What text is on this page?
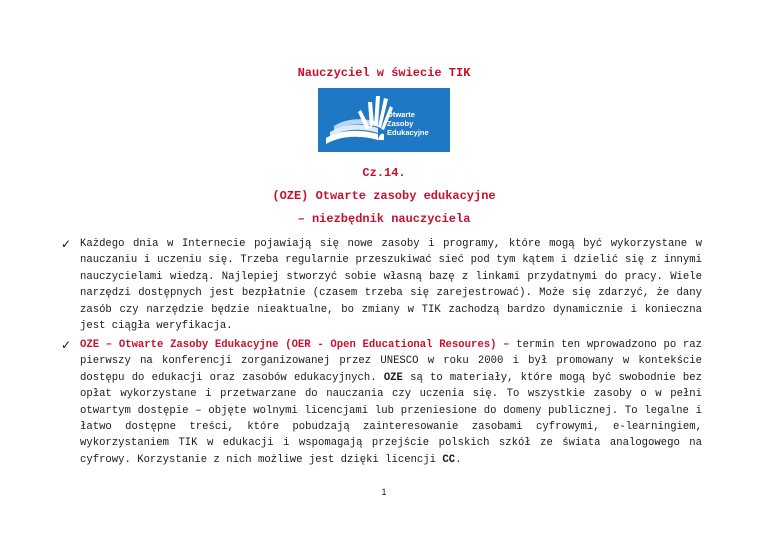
Nauczyciel w świecie TIK
Otwarte
Zasoby
Edukacyjne
Cz.14.
(OZE) Otwarte zasoby edukacyjne
– niezbędnik nauczyciela
✓ Każdego dnia w Internecie pojawiają się nowe zasoby i programy, które mogą być wykorzystane w nauczaniu i uczeniu się. Trzeba regularnie przeszukiwać sieć pod tym kątem i dzielić się z innymi nauczycielami wiedzą. Najlepiej stworzyć sobie własną bazę z linkami przydatnymi do pracy. Wiele narzędzi dostępnych jest bezpłatnie (czasem trzeba się zarejestrować). Może się zdarzyć, że dany zasób czy narzędzie będzie nieaktualne, bo zmiany w TIK zachodzą bardzo dynamicznie i konieczna jest ciągła weryfikacja.
✓ OZE – Otwarte Zasoby Edukacyjne (OER - Open Educational Resoures) – termin ten wprowadzono po raz pierwszy na konferencji zorganizowanej przez UNESCO w roku 2000 i był promowany w kontekście dostępu do edukacji oraz zasobów edukacyjnych. OZE są to materiały, które mogą być swobodnie bez opłat wykorzystane i przetwarzane do nauczania czy uczenia się. To wszystkie zasoby o w pełni otwartym dostępie – objęte wolnymi licencjami lub przeniesione do domeny publicznej. To legalne i łatwo dostępne treści, które pobudzają zainteresowanie zasobami cyfrowymi, e-learningiem, wykorzystaniem TIK w edukacji i wspomagają przejście polskich szkół ze świata analogowego na cyfrowy. Korzystanie z nich możliwe jest dzięki licencji CC.
1
